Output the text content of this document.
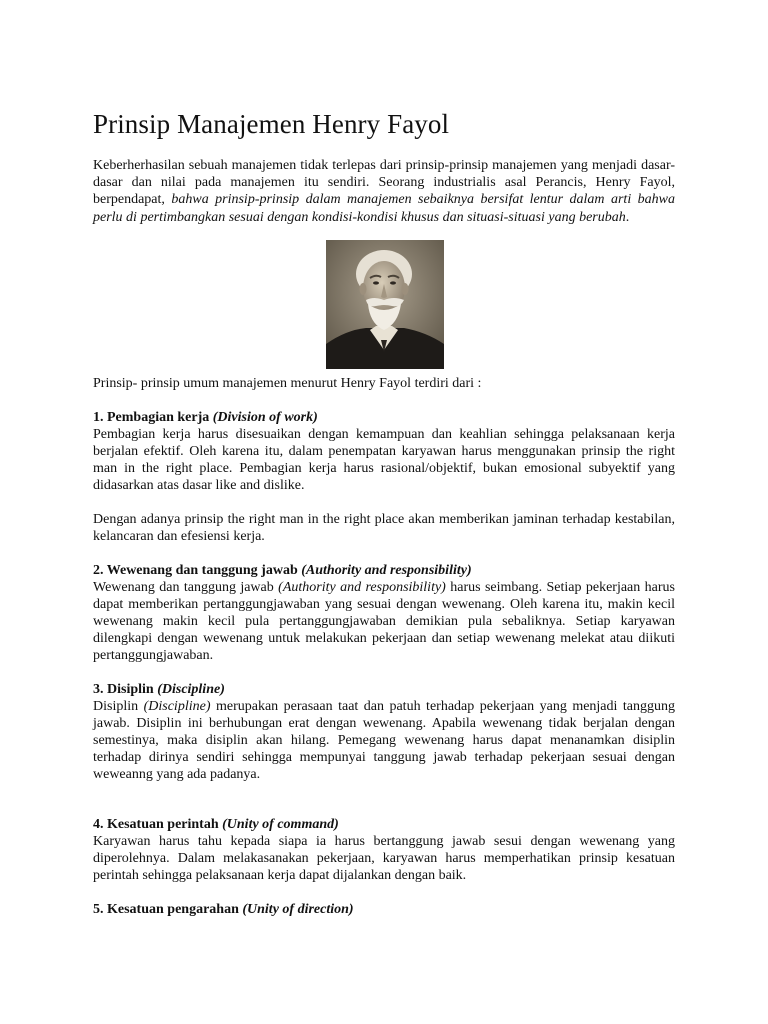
Prinsip Manajemen Henry Fayol

Keberherhasilan sebuah manajemen tidak terlepas dari prinsip-prinsip manajemen yang menjadi dasar-dasar dan nilai pada manajemen itu sendiri. Seorang industrialis asal Perancis, Henry Fayol, berpendapat, bahwa prinsip-prinsip dalam manajemen sebaiknya bersifat lentur dalam arti bahwa perlu di pertimbangkan sesuai dengan kondisi-kondisi khusus dan situasi-situasi yang berubah.

Prinsip- prinsip umum manajemen menurut Henry Fayol terdiri dari :

1. Pembagian kerja (Division of work)

Pembagian kerja harus disesuaikan dengan kemampuan dan keahlian sehingga pelaksanaan kerja berjalan efektif. Oleh karena itu, dalam penempatan karyawan harus menggunakan prinsip the right man in the right place. Pembagian kerja harus rasional/objektif, bukan emosional subyektif yang didasarkan atas dasar like and dislike.

Dengan adanya prinsip the right man in the right place akan memberikan jaminan terhadap kestabilan, kelancaran dan efesiensi kerja.

2. Wewenang dan tanggung jawab (Authority and responsibility)

Wewenang dan tanggung jawab (Authority and responsibility) harus seimbang. Setiap pekerjaan harus dapat memberikan pertanggungjawaban yang sesuai dengan wewenang. Oleh karena itu, makin kecil wewenang makin kecil pula pertanggungjawaban demikian pula sebaliknya. Setiap karyawan dilengkapi dengan wewenang untuk melakukan pekerjaan dan setiap wewenang melekat atau diikuti pertanggungjawaban.

3. Disiplin (Discipline)

Disiplin (Discipline) merupakan perasaan taat dan patuh terhadap pekerjaan yang menjadi tanggung jawab. Disiplin ini berhubungan erat dengan wewenang. Apabila wewenang tidak berjalan dengan semestinya, maka disiplin akan hilang. Pemegang wewenang harus dapat menanamkan disiplin terhadap dirinya sendiri sehingga mempunyai tanggung jawab terhadap pekerjaan sesuai dengan weweanng yang ada padanya.

4. Kesatuan perintah (Unity of command)

Karyawan harus tahu kepada siapa ia harus bertanggung jawab sesui dengan wewenang yang diperolehnya. Dalam melakasanakan pekerjaan, karyawan harus memperhatikan prinsip kesatuan perintah sehingga pelaksanaan kerja dapat dijalankan dengan baik.

5. Kesatuan pengarahan (Unity of direction)
